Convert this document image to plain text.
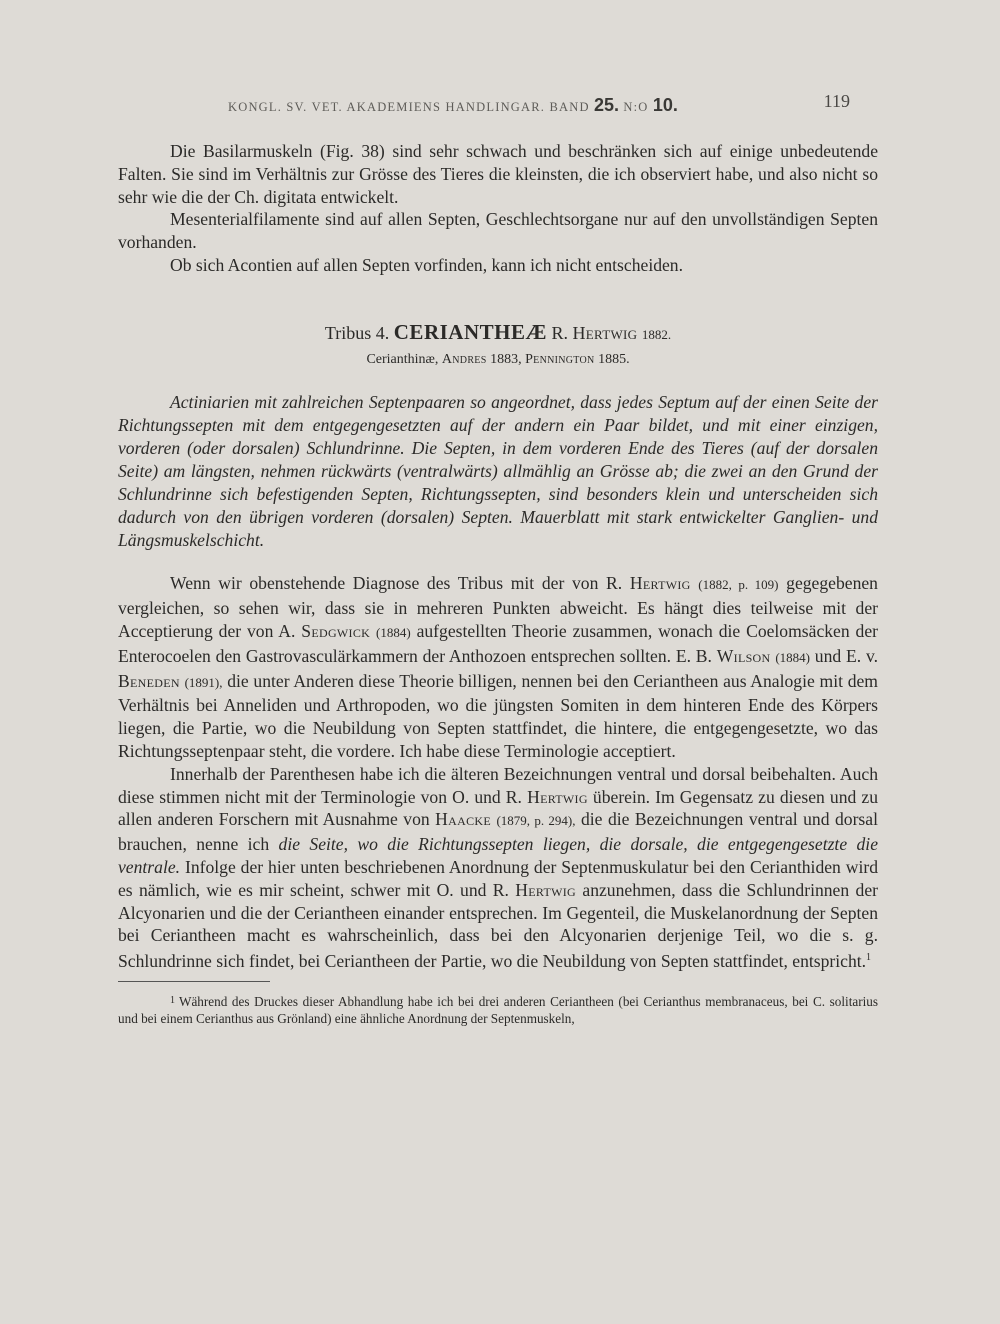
KONGL. SV. VET. AKADEMIENS HANDLINGAR. BAND 25. N:O 10.	119

Die Basilarmuskeln (Fig. 38) sind sehr schwach und beschränken sich auf einige unbedeutende Falten. Sie sind im Verhältnis zur Grösse des Tieres die kleinsten, die ich observiert habe, und also nicht so sehr wie die der Ch. digitata entwickelt.

Mesenterialfilamente sind auf allen Septen, Geschlechtsorgane nur auf den unvollständigen Septen vorhanden.

Ob sich Acontien auf allen Septen vorfinden, kann ich nicht entscheiden.

Tribus 4. CERIANTHEÆ R. Hertwig 1882.
Cerianthinæ, Andres 1883, Pennington 1885.

Actiniarien mit zahlreichen Septenpaaren so angeordnet, dass jedes Septum auf der einen Seite der Richtungssepten mit dem entgegengesetzten auf der andern ein Paar bildet, und mit einer einzigen, vorderen (oder dorsalen) Schlundrinne. Die Septen, in dem vorderen Ende des Tieres (auf der dorsalen Seite) am längsten, nehmen rückwärts (ventralwärts) allmählig an Grösse ab; die zwei an den Grund der Schlundrinne sich befestigenden Septen, Richtungssepten, sind besonders klein und unterscheiden sich dadurch von den übrigen vorderen (dorsalen) Septen. Mauerblatt mit stark entwickelter Ganglien- und Längsmuskelschicht.

Wenn wir obenstehende Diagnose des Tribus mit der von R. Hertwig (1882, p. 109) gegegebenen vergleichen, so sehen wir, dass sie in mehreren Punkten abweicht. Es hängt dies teilweise mit der Acceptierung der von A. Sedgwick (1884) aufgestellten Theorie zusammen, wonach die Coelomsäcken der Enterocoelen den Gastrovasculärkammern der Anthozoen entsprechen sollten. E. B. Wilson (1884) und E. v. Beneden (1891), die unter Anderen diese Theorie billigen, nennen bei den Ceriantheen aus Analogie mit dem Verhältnis bei Anneliden und Arthropoden, wo die jüngsten Somiten in dem hinteren Ende des Körpers liegen, die Partie, wo die Neubildung von Septen stattfindet, die hintere, die entgegengesetzte, wo das Richtungsseptenpaar steht, die vordere. Ich habe diese Terminologie acceptiert.

Innerhalb der Parenthesen habe ich die älteren Bezeichnungen ventral und dorsal beibehalten. Auch diese stimmen nicht mit der Terminologie von O. und R. Hertwig überein. Im Gegensatz zu diesen und zu allen anderen Forschern mit Ausnahme von Haacke (1879, p. 294), die die Bezeichnungen ventral und dorsal brauchen, nenne ich die Seite, wo die Richtungssepten liegen, die dorsale, die entgegengesetzte die ventrale. Infolge der hier unten beschriebenen Anordnung der Septenmuskulatur bei den Cerianthiden wird es nämlich, wie es mir scheint, schwer mit O. und R. Hertwig anzunehmen, dass die Schlundrinnen der Alcyonarien und die der Ceriantheen einander entsprechen. Im Gegenteil, die Muskelanordnung der Septen bei Ceriantheen macht es wahrscheinlich, dass bei den Alcyonarien derjenige Teil, wo die s. g. Schlundrinne sich findet, bei Ceriantheen der Partie, wo die Neubildung von Septen stattfindet, entspricht.$^1$

$^1$ Während des Druckes dieser Abhandlung habe ich bei drei anderen Ceriantheen (bei Cerianthus membranaceus, bei C. solitarius und bei einem Cerianthus aus Grönland) eine ähnliche Anordnung der Septenmuskeln,
